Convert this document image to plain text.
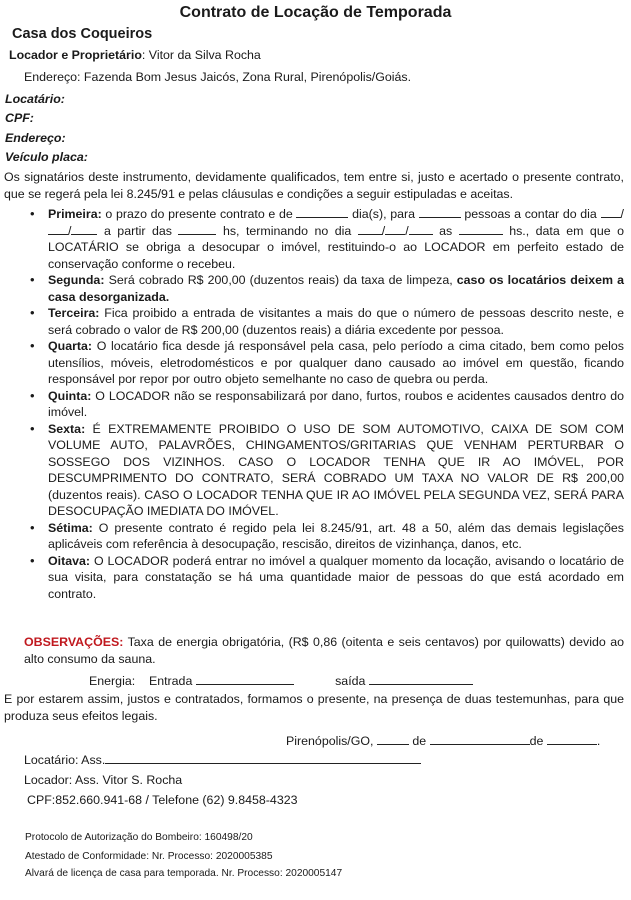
Contrato de Locação de Temporada
Casa dos Coqueiros
Locador e Proprietário: Vitor da Silva Rocha
Endereço: Fazenda Bom Jesus Jaicós, Zona Rural, Pirenópolis/Goiás.
Locatário:
CPF:
Endereço:
Veículo placa:
Os signatários deste instrumento, devidamente qualificados, tem entre si, justo e acertado o presente contrato, que se regerá pela lei 8.245/91 e pelas cláusulas e condições a seguir estipuladas e aceitas.
• Primeira: o prazo do presente contrato e de	dia(s), para	pessoas a contar do dia //	a partir das	hs, terminando no dia / / as	hs., data em que o LOCATÁRIO se obriga a desocupar o imóvel, restituindo-o ao LOCADOR em perfeito estado de conservação conforme o recebeu.
• Segunda: Será cobrado R$ 200,00 (duzentos reais) da taxa de limpeza, caso os locatários deixem a casa desorganizada.
• Terceira: Fica proibido a entrada de visitantes a mais do que o número de pessoas descrito neste, e será cobrado o valor de R$ 200,00 (duzentos reais) a diária excedente por pessoa.
• Quarta: O locatário fica desde já responsável pela casa, pelo período a cima citado, bem como pelos utensílios, móveis, eletrodomésticos e por qualquer dano causado ao imóvel em questão, ficando responsável por repor por outro objeto semelhante no caso de quebra ou perda.
• Quinta: O LOCADOR não se responsabilizará por dano, furtos, roubos e acidentes causados dentro do imóvel.
• Sexta: É EXTREMAMENTE PROIBIDO O USO DE SOM AUTOMOTIVO, CAIXA DE SOM COM VOLUME AUTO, PALAVRÕES, CHINGAMENTOS/GRITARIAS QUE VENHAM PERTURBAR O SOSSEGO DOS VIZINHOS. CASO O LOCADOR TENHA QUE IR AO IMÓVEL, POR DESCUMPRIMENTO DO CONTRATO, SERÁ COBRADO UM TAXA NO VALOR DE R$ 200,00 (duzentos reais). CASO O LOCADOR TENHA QUE IR AO IMÓVEL PELA SEGUNDA VEZ, SERÁ PARA DESOCUPAÇÃO IMEDIATA DO IMÓVEL.
• Sétima: O presente contrato é regido pela lei 8.245/91, art. 48 a 50, além das demais legislações aplicáveis com referência à desocupação, rescisão, direitos de vizinhança, danos, etc.
• Oitava: O LOCADOR poderá entrar no imóvel a qualquer momento da locação, avisando o locatário de sua visita, para constatação se há uma quantidade maior de pessoas do que está acordado em contrato.
OBSERVAÇÕES: Taxa de energia obrigatória, (R$ 0,86 (oitenta e seis centavos) por quilowatts) devido ao alto consumo da sauna.
Energia: Entrada	saída
E por estarem assim, justos e contratados, formamos o presente, na presença de duas testemunhas, para que produza seus efeitos legais.
Pirenópolis/GO,	de	de	.
Locatário: Ass.
Locador: Ass. Vitor S. Rocha
CPF:852.660.941-68 / Telefone (62) 9.8458-4323
Protocolo de Autorização do Bombeiro: 160498/20
Atestado de Conformidade: Nr. Processo: 2020005385
Alvará de licença de casa para temporada. Nr. Processo: 2020005147
